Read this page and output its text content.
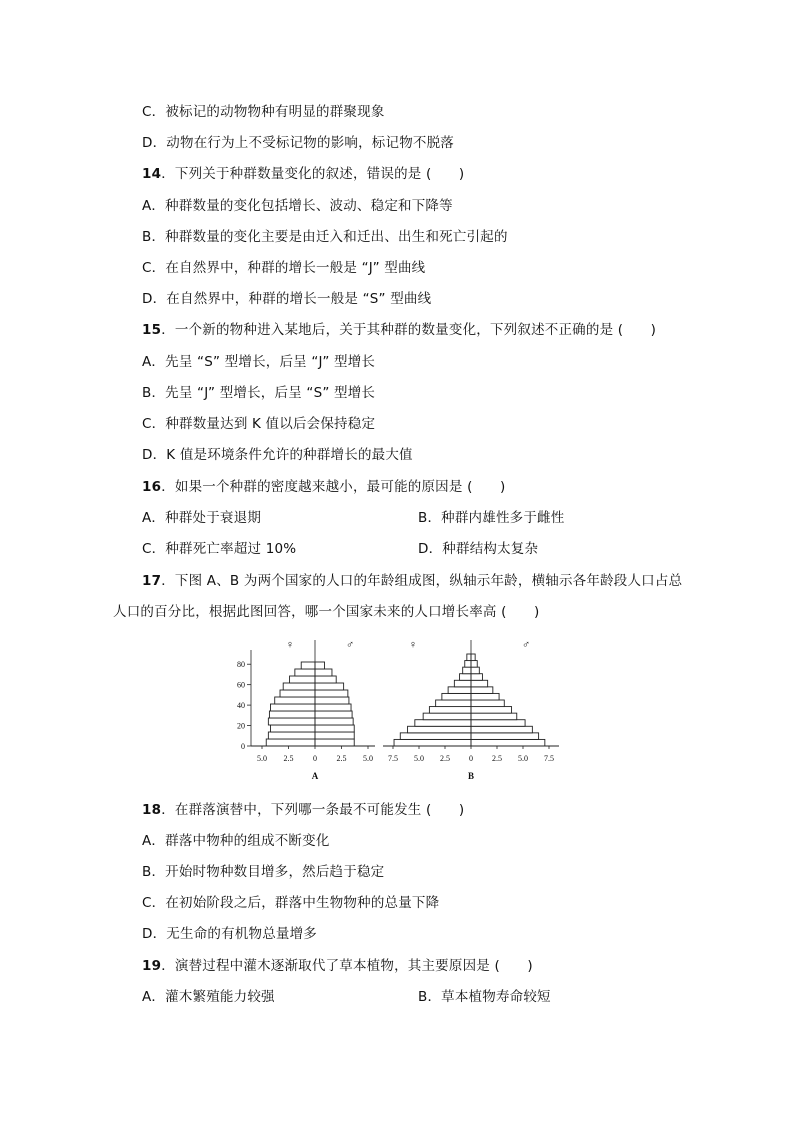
C．被标记的动物物种有明显的群聚现象
D．动物在行为上不受标记物的影响，标记物不脱落
14．下列关于种群数量变化的叙述，错误的是 (　　)
A．种群数量的变化包括增长、波动、稳定和下降等
B．种群数量的变化主要是由迁入和迁出、出生和死亡引起的
C．在自然界中，种群的增长一般是 “J” 型曲线
D．在自然界中，种群的增长一般是 “S” 型曲线
15．一个新的物种进入某地后，关于其种群的数量变化，下列叙述不正确的是 (　　)
A．先呈 “S” 型增长，后呈 “J” 型增长
B．先呈 “J” 型增长，后呈 “S” 型增长
C．种群数量达到 K 值以后会保持稳定
D．K 值是环境条件允许的种群增长的最大值
16．如果一个种群的密度越来越小，最可能的原因是 (　　)
A．种群处于衰退期	B．种群内雄性多于雌性
C．种群死亡率超过 10%	D．种群结构太复杂
17．下图 A、B 为两个国家的人口的年龄组成图，纵轴示年龄，横轴示各年龄段人口占总
人口的百分比，根据此图回答，哪一个国家未来的人口增长率高 (　　)
0
20
40
60
80
♀	♂
5.0 2.5 0 2.5 5.0
A
♀	♂
7.5 5.0 2.5 0 2.5 5.0 7.5
B
18．在群落演替中，下列哪一条最不可能发生 (　　)
A．群落中物种的组成不断变化
B．开始时物种数目增多，然后趋于稳定
C．在初始阶段之后，群落中生物物种的总量下降
D．无生命的有机物总量增多
19．演替过程中灌木逐渐取代了草本植物，其主要原因是 (　　)
A．灌木繁殖能力较强	B．草本植物寿命较短
